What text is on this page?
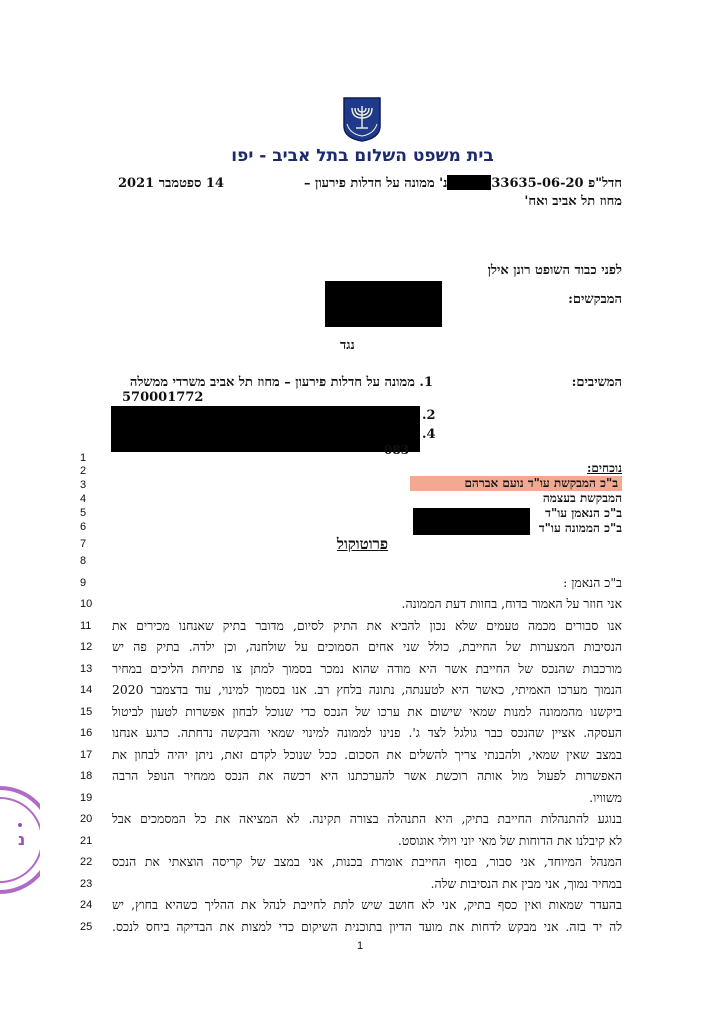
בית משפט השלום בתל אביב - יפו
חדל"פ 33635-06-20נ' ממונה על חדלות פירעון –
מחוז תל אביב ואח'
14 ספטמבר 2021
לפני כבוד השופט רונן אילן
המבקשים:
נגד
המשיבים:
1. ממונה על חדלות פירעון – מחוז תל אביב משרדי ממשלה
570001772
.2
.4
083
נוכחים:
ב"כ המבקשת עו"ד נועם אברהם
המבקשת בעצמה
ב"כ הנאמן עו"ד
ב"כ הממונה עו"ד
פרוטוקול
1
2
3
4
5
6
7
8
9
10
11
12
13
14
15
16
17
18
19
20
21
22
23
24
25
ב"כ הנאמן :
אני חוזר על האמור בדוח, בחוות דעת הממונה.
אנו סבורים מכמה טעמים שלא נכון להביא את התיק לסיום, מדובר בתיק שאנחנו מכירים את
הנסיבות המצערות של החייבת, כולל שני אחים הסמוכים על שולחנה, וכן ילדה. בתיק פה יש
מורכבות שהנכס של החייבת אשר היא מודה שהוא נמכר בסמוך למתן צו פתיחת הליכים במחיר
הנמוך מערכו האמיתי, כאשר היא לטענתה, נתונה בלחץ רב. אנו בסמוך למינוי, עוד בדצמבר 2020
ביקשנו מהממונה למנות שמאי שישום את ערכו של הנכס כדי שנוכל לבחון אפשרות לטעון לביטול
העסקה. אציין שהנכס כבר גולגל לצד ג'. פנינו לממונה למינוי שמאי והבקשה נדחתה. כרגע אנחנו
במצב שאין שמאי, ולהבנתי צריך להשלים את הסכום. ככל שנוכל לקדם זאת, ניתן יהיה לבחון את
האפשרות לפעול מול אותה רוכשת אשר להערכתנו היא רכשה את הנכס ממחיר הנופל הרבה
משוויו.
בנוגע להתנהלות החייבת בתיק, היא התנהלה בצורה תקינה. לא המציאה את כל המסמכים אבל
לא קיבלנו את הדוחות של מאי יוני ויולי אוגוסט.
המנהל המיוחד, אני סבור, בסוף החייבת אומרת בכנות, אני במצב של קריסה הוצאתי את הנכס
במחיר נמוך, אני מבין את הנסיבות שלה.
בהעדר שמאות ואין כסף בתיק, אני לא חושב שיש לתת לחייבת לנהל את ההליך כשהיא בחוץ, יש
לה יד בזה. אני מבקש לדחות את מועד הדיון בתוכנית השיקום כדי למצות את הבדיקה ביחס לנכס.
1
נ
